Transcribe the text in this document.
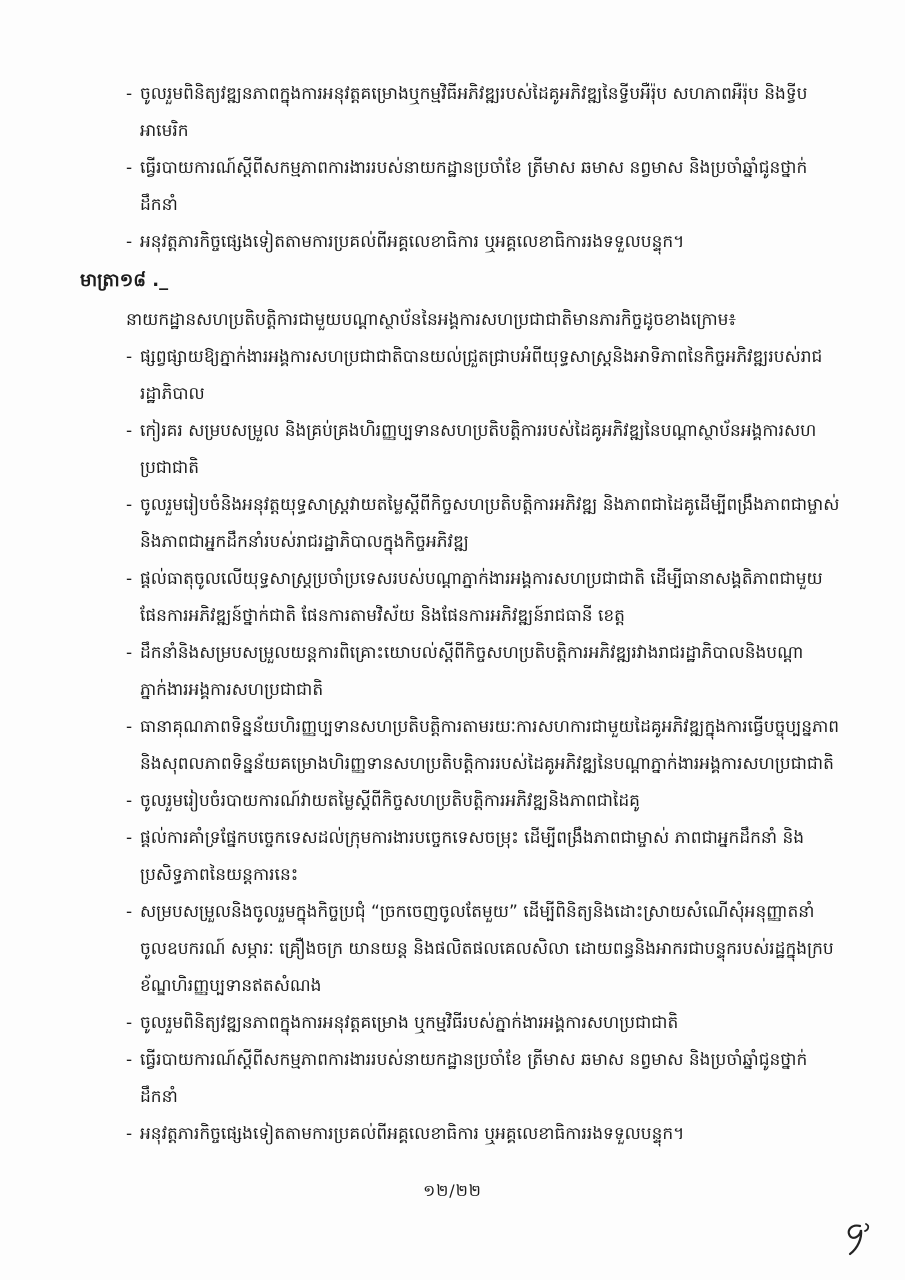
- ចូលរួមពិនិត្យវឌ្ឍនភាពក្នុងការអនុវត្តគម្រោងឬកម្មវិធីអភិវឌ្ឍរបស់ដៃគូអភិវឌ្ឍនៃទ្វីបអឺរ៉ុប សហភាពអឺរ៉ុប និងទ្វីបអាមេរិក

- ធ្វើរបាយការណ៍ស្តីពីសកម្មភាពការងាររបស់នាយកដ្ឋានប្រចាំខែ ត្រីមាស ឆមាស នព្វមាស និងប្រចាំឆ្នាំជូនថ្នាក់ដឹកនាំ

- អនុវត្តភារកិច្ចផ្សេងទៀតតាមការប្រគល់ពីអគ្គលេខាធិការ ឬអគ្គលេខាធិការរងទទួលបន្ទុក។

មាត្រា១៨ ._

នាយកដ្ឋានសហប្រតិបត្តិការជាមួយបណ្តាស្ថាប័ននៃអង្គការសហប្រជាជាតិមានភារកិច្ចដូចខាងក្រោម៖

- ផ្សព្វផ្សាយឱ្យភ្នាក់ងារអង្គការសហប្រជាជាតិបានយល់ជ្រួតជ្រាបអំពីយុទ្ធសាស្ត្រនិងអាទិភាពនៃកិច្ចអភិវឌ្ឍរបស់រាជរដ្ឋាភិបាល

- កៀរគរ សម្របសម្រួល និងគ្រប់គ្រងហិរញ្ញប្បទានសហប្រតិបត្តិការរបស់ដៃគូអភិវឌ្ឍនៃបណ្តាស្ថាប័នអង្គការសហប្រជាជាតិ

- ចូលរួមរៀបចំនិងអនុវត្តយុទ្ធសាស្ត្រវាយតម្លៃស្តីពីកិច្ចសហប្រតិបត្តិការអភិវឌ្ឍ និងភាពជាដៃគូដើម្បីពង្រឹងភាពជាម្ចាស់និងភាពជាអ្នកដឹកនាំរបស់រាជរដ្ឋាភិបាលក្នុងកិច្ចអភិវឌ្ឍ

- ផ្តល់ធាតុចូលលើយុទ្ធសាស្ត្រប្រចាំប្រទេសរបស់បណ្តាភ្នាក់ងារអង្គការសហប្រជាជាតិ ដើម្បីធានាសង្គតិភាពជាមួយផែនការអភិវឌ្ឍន៍ថ្នាក់ជាតិ ផែនការតាមវិស័យ និងផែនការអភិវឌ្ឍន៍រាជធានី ខេត្ត

- ដឹកនាំនិងសម្របសម្រួលយន្តការពិគ្រោះយោបល់ស្តីពីកិច្ចសហប្រតិបត្តិការអភិវឌ្ឍរវាងរាជរដ្ឋាភិបាលនិងបណ្តាភ្នាក់ងារអង្គការសហប្រជាជាតិ

- ធានាគុណភាពទិន្នន័យហិរញ្ញប្បទានសហប្រតិបត្តិការតាមរយៈការសហការជាមួយដៃគូអភិវឌ្ឍក្នុងការធ្វើបច្ចុប្បន្នភាពនិងសុពលភាពទិន្នន័យគម្រោងហិរញ្ញទានសហប្រតិបត្តិការរបស់ដៃគូអភិវឌ្ឍនៃបណ្តាភ្នាក់ងារអង្គការសហប្រជាជាតិ

- ចូលរួមរៀបចំរបាយការណ៍វាយតម្លៃស្តីពីកិច្ចសហប្រតិបត្តិការអភិវឌ្ឍនិងភាពជាដៃគូ

- ផ្តល់ការគាំទ្រផ្នែកបច្ចេកទេសដល់ក្រុមការងារបច្ចេកទេសចម្រុះ ដើម្បីពង្រឹងភាពជាម្ចាស់ ភាពជាអ្នកដឹកនាំ និងប្រសិទ្ធភាពនៃយន្តការនេះ

- សម្របសម្រួលនិងចូលរួមក្នុងកិច្ចប្រជុំ “ច្រកចេញចូលតែមួយ” ដើម្បីពិនិត្យនិងដោះស្រាយសំណើសុំអនុញ្ញាតនាំចូលឧបករណ៍ សម្ភារៈ គ្រឿងចក្រ យានយន្ត និងផលិតផលគេលសិលា ដោយពន្ធនិងអាករជាបន្ទុករបស់រដ្ឋក្នុងក្របខ័ណ្ឌហិរញ្ញប្បទានឥតសំណង

- ចូលរួមពិនិត្យវឌ្ឍនភាពក្នុងការអនុវត្តគម្រោង ឬកម្មវិធីរបស់ភ្នាក់ងារអង្គការសហប្រជាជាតិ

- ធ្វើរបាយការណ៍ស្តីពីសកម្មភាពការងាររបស់នាយកដ្ឋានប្រចាំខែ ត្រីមាស ឆមាស នព្វមាស និងប្រចាំឆ្នាំជូនថ្នាក់ដឹកនាំ

- អនុវត្តភារកិច្ចផ្សេងទៀតតាមការប្រគល់ពីអគ្គលេខាធិការ ឬអគ្គលេខាធិការរងទទួលបន្ទុក។

១២/២២
